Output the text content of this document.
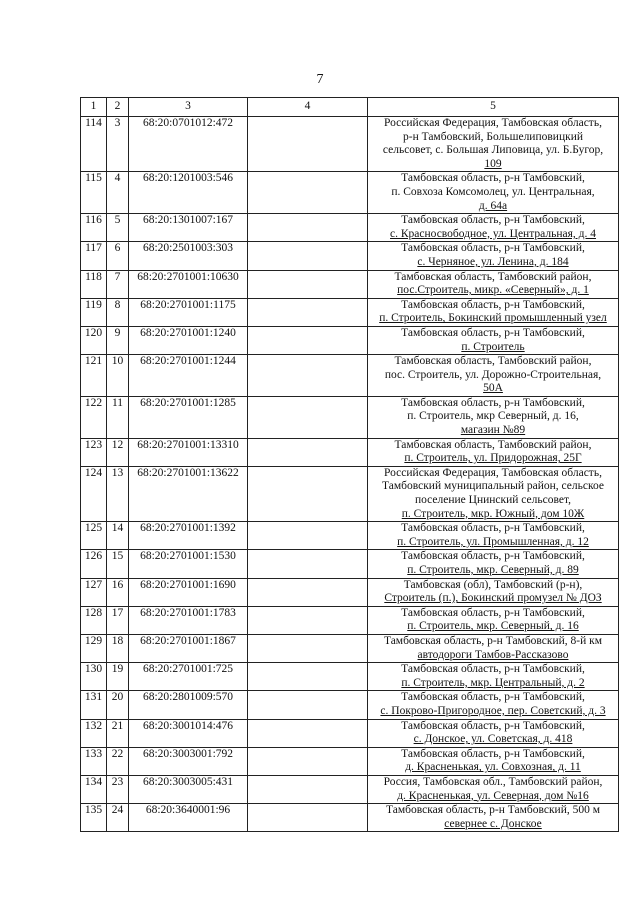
7
1	2	3	4	5
114	3	68:20:0701012:472		Российская Федерация, Тамбовская область,
р-н Тамбовский, Большелиповицкий
сельсовет, с. Большая Липовица, ул. Б.Бугор,
109

115	4	68:20:1201003:546		Тамбовская область, р-н Тамбовский,
п. Совхоза Комсомолец, ул. Центральная,
д. 64а

116	5	68:20:1301007:167		Тамбовская область, р-н Тамбовский,
с. Красносвободное, ул. Центральная, д. 4

117	6	68:20:2501003:303		Тамбовская область, р-н Тамбовский,
с. Черняное, ул. Ленина, д. 184

118	7	68:20:2701001:10630		Тамбовская область, Тамбовский район,
пос.Строитель, микр. «Северный», д. 1

119	8	68:20:2701001:1175		Тамбовская область, р-н Тамбовский,
п. Строитель, Бокинский промышленный узел

120	9	68:20:2701001:1240		Тамбовская область, р-н Тамбовский,
п. Строитель

121	10	68:20:2701001:1244		Тамбовская область, Тамбовский район,
пос. Строитель, ул. Дорожно-Строительная,
50А

122	11	68:20:2701001:1285		Тамбовская область, р-н Тамбовский,
п. Строитель, мкр Северный, д. 16,
магазин №89

123	12	68:20:2701001:13310		Тамбовская область, Тамбовский район,
п. Строитель, ул. Придорожная, 25Г

124	13	68:20:2701001:13622		Российская Федерация, Тамбовская область,
Тамбовский муниципальный район, сельское
поселение Цнинский сельсовет,
п. Строитель, мкр. Южный, дом 10Ж

125	14	68:20:2701001:1392		Тамбовская область, р-н Тамбовский,
п. Строитель, ул. Промышленная, д. 12

126	15	68:20:2701001:1530		Тамбовская область, р-н Тамбовский,
п. Строитель, мкр. Северный, д. 89

127	16	68:20:2701001:1690		Тамбовская (обл), Тамбовский (р-н),
Строитель (п.), Бокинский промузел № ДОЗ

128	17	68:20:2701001:1783		Тамбовская область, р-н Тамбовский,
п. Строитель, мкр. Северный, д. 16

129	18	68:20:2701001:1867		Тамбовская область, р-н Тамбовский, 8-й км
автодороги Тамбов-Рассказово

130	19	68:20:2701001:725		Тамбовская область, р-н Тамбовский,
п. Строитель, мкр. Центральный, д. 2

131	20	68:20:2801009:570		Тамбовская область, р-н Тамбовский,
с. Покрово-Пригородное, пер. Советский, д. 3

132	21	68:20:3001014:476		Тамбовская область, р-н Тамбовский,
с. Донское, ул. Советская, д. 418

133	22	68:20:3003001:792		Тамбовская область, р-н Тамбовский,
д. Красненькая, ул. Совхозная, д. 11

134	23	68:20:3003005:431		Россия, Тамбовская обл., Тамбовский район,
д. Красненькая, ул. Северная, дом №16

135	24	68:20:3640001:96		Тамбовская область, р-н Тамбовский, 500 м
севернее с. Донское
